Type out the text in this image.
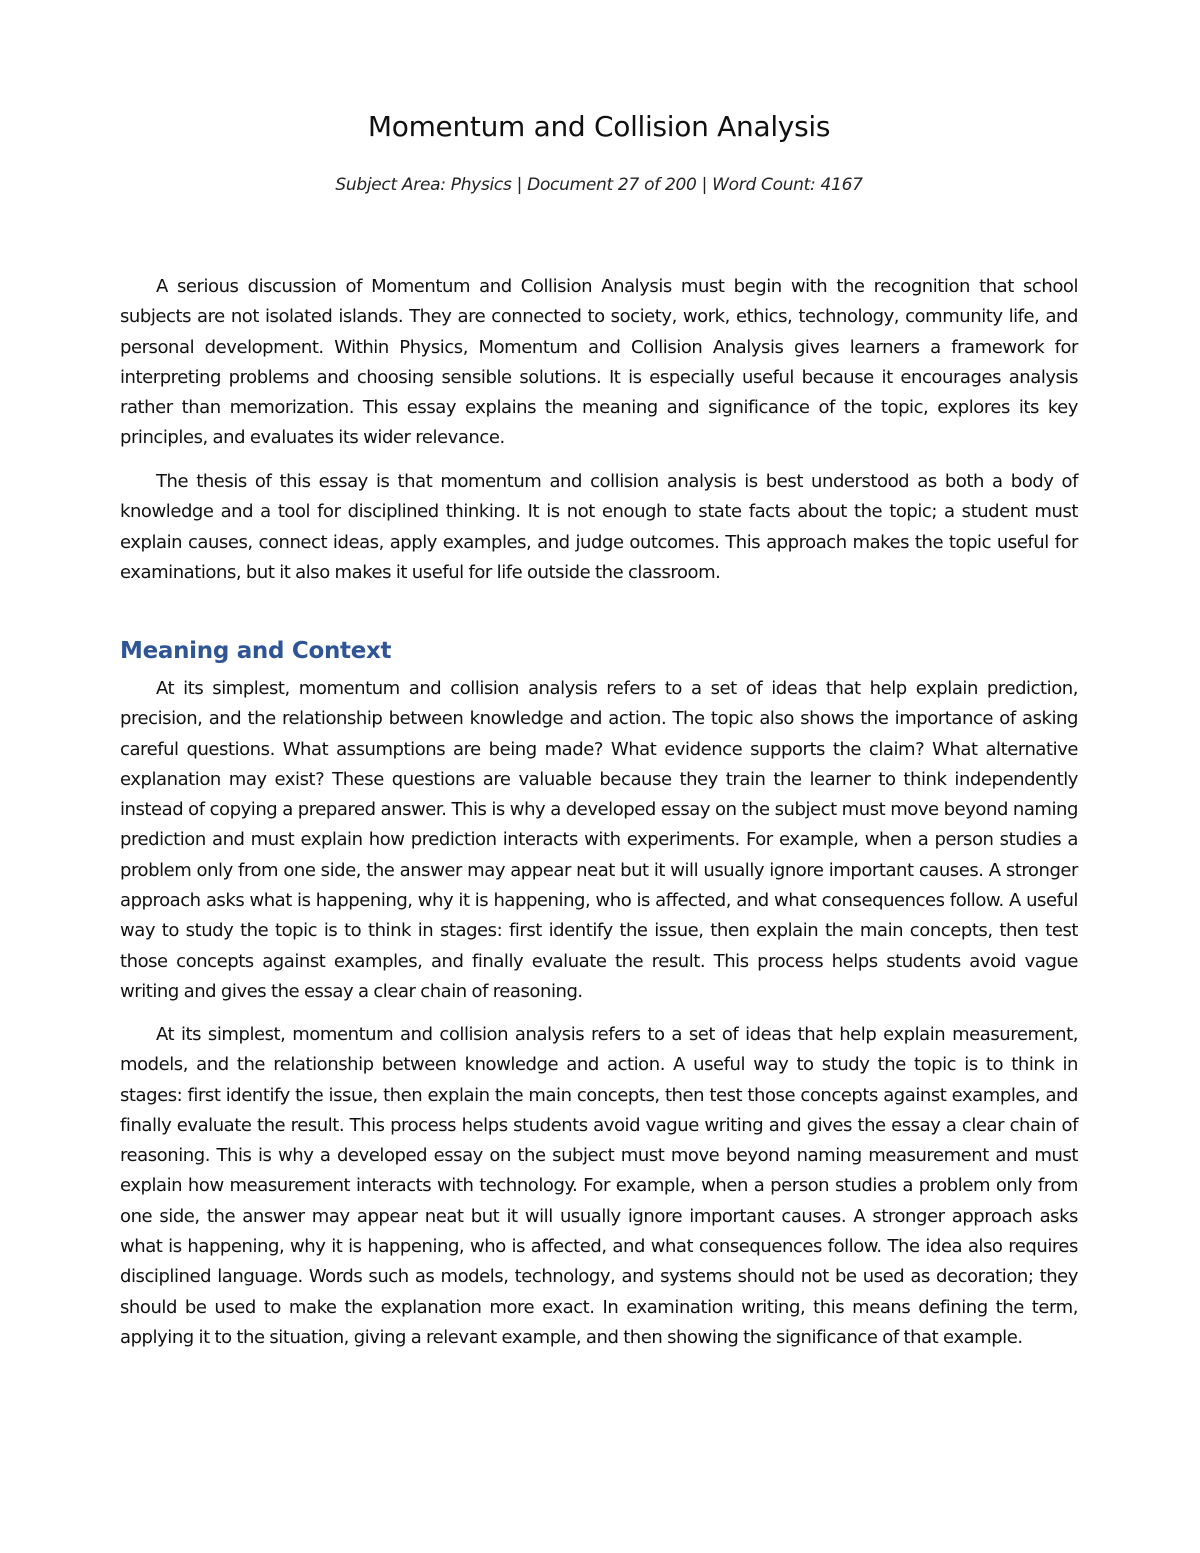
Momentum and Collision Analysis

Subject Area: Physics | Document 27 of 200 | Word Count: 4167

A serious discussion of Momentum and Collision Analysis must begin with the recognition that school subjects are not isolated islands. They are connected to society, work, ethics, technology, community life, and personal development. Within Physics, Momentum and Collision Analysis gives learners a framework for interpreting problems and choosing sensible solutions. It is especially useful because it encourages analysis rather than memorization. This essay explains the meaning and significance of the topic, explores its key principles, and evaluates its wider relevance.

The thesis of this essay is that momentum and collision analysis is best understood as both a body of knowledge and a tool for disciplined thinking. It is not enough to state facts about the topic; a student must explain causes, connect ideas, apply examples, and judge outcomes. This approach makes the topic useful for examinations, but it also makes it useful for life outside the classroom.

Meaning and Context

At its simplest, momentum and collision analysis refers to a set of ideas that help explain prediction, precision, and the relationship between knowledge and action. The topic also shows the importance of asking careful questions. What assumptions are being made? What evidence supports the claim? What alternative explanation may exist? These questions are valuable because they train the learner to think independently instead of copying a prepared answer. This is why a developed essay on the subject must move beyond naming prediction and must explain how prediction interacts with experiments. For example, when a person studies a problem only from one side, the answer may appear neat but it will usually ignore important causes. A stronger approach asks what is happening, why it is happening, who is affected, and what consequences follow. A useful way to study the topic is to think in stages: first identify the issue, then explain the main concepts, then test those concepts against examples, and finally evaluate the result. This process helps students avoid vague writing and gives the essay a clear chain of reasoning.

At its simplest, momentum and collision analysis refers to a set of ideas that help explain measurement, models, and the relationship between knowledge and action. A useful way to study the topic is to think in stages: first identify the issue, then explain the main concepts, then test those concepts against examples, and finally evaluate the result. This process helps students avoid vague writing and gives the essay a clear chain of reasoning. This is why a developed essay on the subject must move beyond naming measurement and must explain how measurement interacts with technology. For example, when a person studies a problem only from one side, the answer may appear neat but it will usually ignore important causes. A stronger approach asks what is happening, why it is happening, who is affected, and what consequences follow. The idea also requires disciplined language. Words such as models, technology, and systems should not be used as decoration; they should be used to make the explanation more exact. In examination writing, this means defining the term, applying it to the situation, giving a relevant example, and then showing the significance of that example.
